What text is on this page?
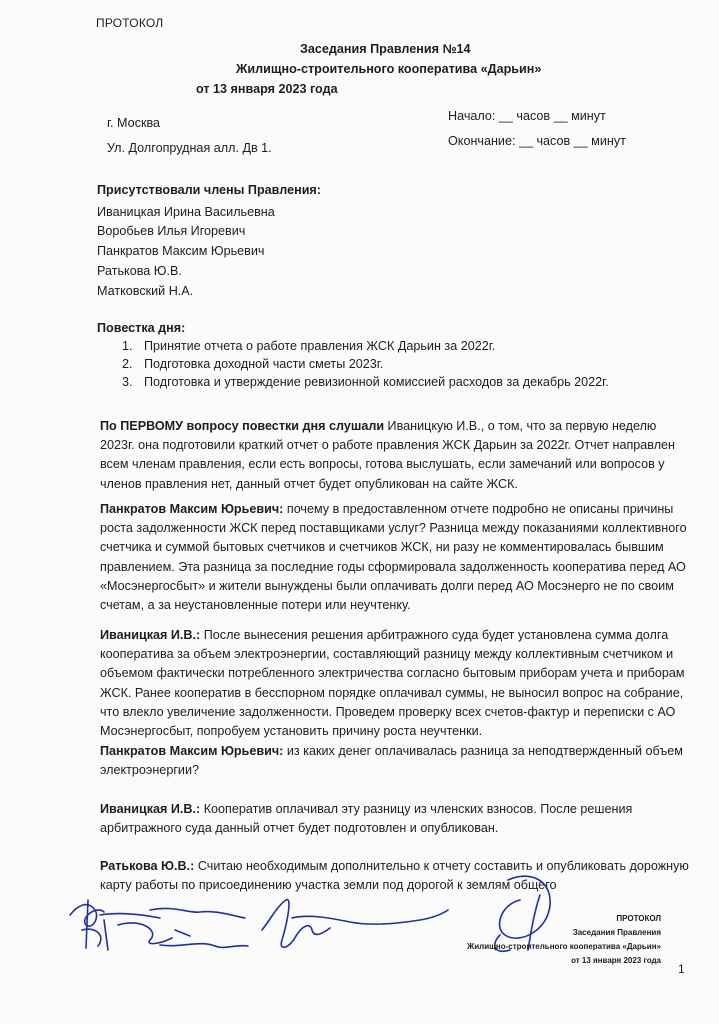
ПРОТОКОЛ
Заседания Правления №14
Жилищно-строительного кооператива «Дарьин»
от 13 января 2023 года
г. Москва
Ул. Долгопрудная алл. Дв 1.
Начало: __ часов __ минут
Окончание: __ часов __ минут
Присутствовали члены Правления:
Иваницкая Ирина Васильевна
Воробьев Илья Игоревич
Панкратов Максим Юрьевич
Ратькова Ю.В.
Матковский Н.А.
Повестка дня:
1. Принятие отчета о работе правления ЖСК Дарьин за 2022г.
2. Подготовка доходной части сметы 2023г.
3. Подготовка и утверждение ревизионной комиссией расходов за декабрь 2022г.
По ПЕРВОМУ вопросу повестки дня слушали Иваницкую И.В., о том, что за первую неделю 2023г. она подготовили краткий отчет о работе правления ЖСК Дарьин за 2022г. Отчет направлен всем членам правления, если есть вопросы, готова выслушать, если замечаний или вопросов у членов правления нет, данный отчет будет опубликован на сайте ЖСК.
Панкратов Максим Юрьевич: почему в предоставленном отчете подробно не описаны причины роста задолженности ЖСК перед поставщиками услуг? Разница между показаниями коллективного счетчика и суммой бытовых счетчиков и счетчиков ЖСК, ни разу не комментировалась бывшим правлением. Эта разница за последние годы сформировала задолженность кооператива перед АО «Мосэнергосбыт» и жители вынуждены были оплачивать долги перед АО Мосэнерго не по своим счетам, а за неустановленные потери или неучтенку.
Иваницкая И.В.: После вынесения решения арбитражного суда будет установлена сумма долга кооператива за объем электроэнергии, составляющий разницу между коллективным счетчиком и объемом фактически потребленного электричества согласно бытовым приборам учета и приборам ЖСК. Ранее кооператив в бесспорном порядке оплачивал суммы, не выносил вопрос на собрание, что влекло увеличение задолженности. Проведем проверку всех счетов-фактур и переписки с АО Мосэнергосбыт, попробуем установить причину роста неучтенки.
Панкратов Максим Юрьевич: из каких денег оплачивалась разница за неподтвержденный объем электроэнергии?
Иваницкая И.В.: Кооператив оплачивал эту разницу из членских взносов. После решения арбитражного суда данный отчет будет подготовлен и опубликован.
Ратькова Ю.В.: Считаю необходимым дополнительно к отчету составить и опубликовать дорожную карту работы по присоединению участка земли под дорогой к землям общего
ПРОТОКОЛ
Заседания Правления
Жилищно-строительного кооператива «Дарьин»
от 13 января 2023 года
1
